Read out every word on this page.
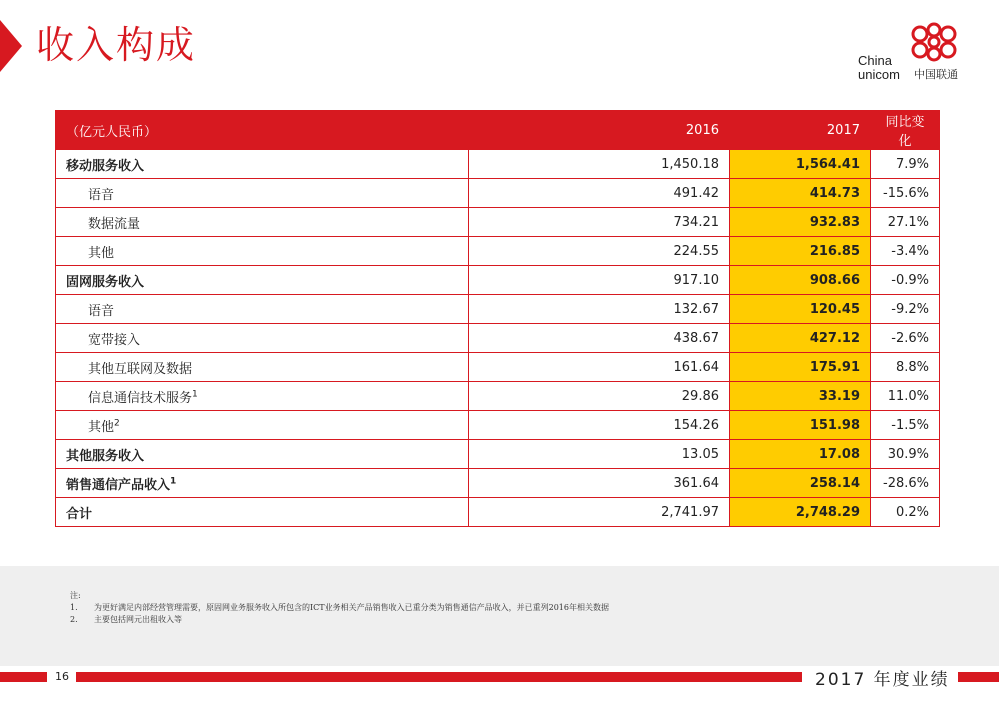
收入构成	China
unicom 中国联通
（亿元人民币）	2016	2017	同比变化
移动服务收入	1,450.18	1,564.41	7.9%
语音	491.42	414.73	-15.6%
数据流量	734.21	932.83	27.1%
其他	224.55	216.85	-3.4%
固网服务收入	917.10	908.66	-0.9%
语音	132.67	120.45	-9.2%
宽带接入	438.67	427.12	-2.6%
其他互联网及数据	161.64	175.91	8.8%
信息通信技术服务$^1$	29.86	33.19	11.0%
其他$^2$	154.26	151.98	-1.5%
其他服务收入	13.05	17.08	30.9%
销售通信产品收入$^1$	361.64	258.14	-28.6%
合计	2,741.97	2,748.29	0.2%
注:
1. 为更好满足内部经营管理需要，原固网业务服务收入所包含的ICT业务相关产品销售收入已重分类为销售通信产品收入，并已重列2016年相关数据
2. 主要包括网元出租收入等
16	2017 年度业绩
